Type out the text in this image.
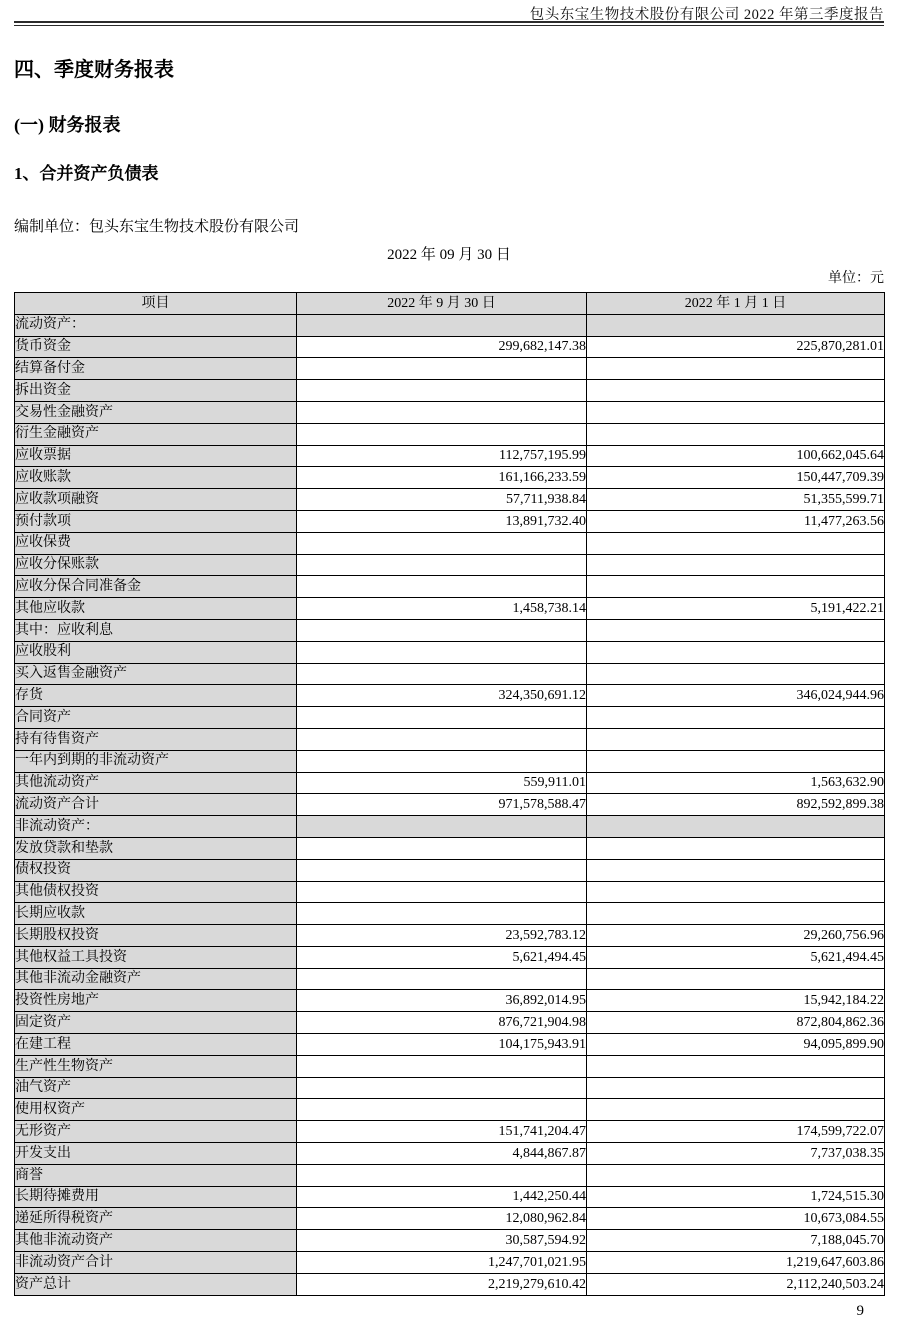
包头东宝生物技术股份有限公司 2022 年第三季度报告
四、季度财务报表
(一) 财务报表
1、合并资产负债表
编制单位：包头东宝生物技术股份有限公司
2022 年 09 月 30 日
单位：元
项目	2022 年 9 月 30 日	2022 年 1 月 1 日
流动资产：		
货币资金	299,682,147.38	225,870,281.01
结算备付金		
拆出资金		
交易性金融资产		
衍生金融资产		
应收票据	112,757,195.99	100,662,045.64
应收账款	161,166,233.59	150,447,709.39
应收款项融资	57,711,938.84	51,355,599.71
预付款项	13,891,732.40	11,477,263.56
应收保费		
应收分保账款		
应收分保合同准备金		
其他应收款	1,458,738.14	5,191,422.21
其中：应收利息		
应收股利		
买入返售金融资产		
存货	324,350,691.12	346,024,944.96
合同资产		
持有待售资产		
一年内到期的非流动资产		
其他流动资产	559,911.01	1,563,632.90
流动资产合计	971,578,588.47	892,592,899.38
非流动资产：		
发放贷款和垫款		
债权投资		
其他债权投资		
长期应收款		
长期股权投资	23,592,783.12	29,260,756.96
其他权益工具投资	5,621,494.45	5,621,494.45
其他非流动金融资产		
投资性房地产	36,892,014.95	15,942,184.22
固定资产	876,721,904.98	872,804,862.36
在建工程	104,175,943.91	94,095,899.90
生产性生物资产		
油气资产		
使用权资产		
无形资产	151,741,204.47	174,599,722.07
开发支出	4,844,867.87	7,737,038.35
商誉		
长期待摊费用	1,442,250.44	1,724,515.30
递延所得税资产	12,080,962.84	10,673,084.55
其他非流动资产	30,587,594.92	7,188,045.70
非流动资产合计	1,247,701,021.95	1,219,647,603.86
资产总计	2,219,279,610.42	2,112,240,503.24
9
